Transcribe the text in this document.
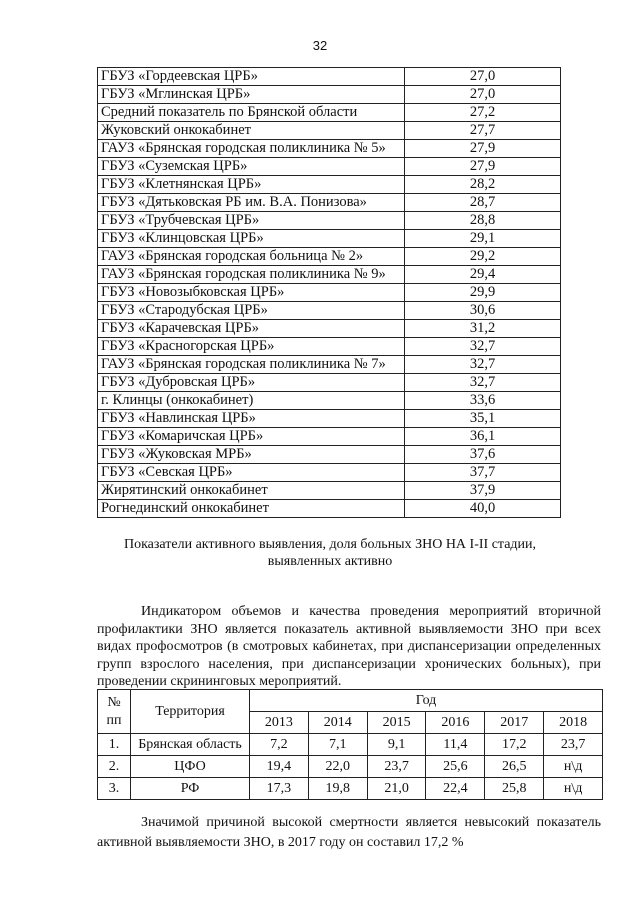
32
ГБУЗ «Гордеевская ЦРБ»	27,0
ГБУЗ «Мглинская ЦРБ»	27,0
Средний показатель по Брянской области	27,2
Жуковский онкокабинет	27,7
ГАУЗ «Брянская городская поликлиника № 5»	27,9
ГБУЗ «Суземская ЦРБ»	27,9
ГБУЗ «Клетнянская ЦРБ»	28,2
ГБУЗ «Дятьковская РБ им. В.А. Понизова»	28,7
ГБУЗ «Трубчевская ЦРБ»	28,8
ГБУЗ «Клинцовская ЦРБ»	29,1
ГАУЗ «Брянская городская больница № 2»	29,2
ГАУЗ «Брянская городская поликлиника № 9»	29,4
ГБУЗ «Новозыбковская ЦРБ»	29,9
ГБУЗ «Стародубская ЦРБ»	30,6
ГБУЗ «Карачевская ЦРБ»	31,2
ГБУЗ «Красногорская ЦРБ»	32,7
ГАУЗ «Брянская городская поликлиника № 7»	32,7
ГБУЗ «Дубровская ЦРБ»	32,7
г. Клинцы (онкокабинет)	33,6
ГБУЗ «Навлинская ЦРБ»	35,1
ГБУЗ «Комаричская ЦРБ»	36,1
ГБУЗ «Жуковская МРБ»	37,6
ГБУЗ «Севская ЦРБ»	37,7
Жирятинский онкокабинет	37,9
Рогнединский онкокабинет	40,0
Показатели активного выявления, доля больных ЗНО НА I-II стадии,
выявленных активно

Индикатором объемов и качества проведения мероприятий вторичной профилактики ЗНО является показатель активной выявляемости ЗНО при всех видах профосмотров (в смотровых кабинетах, при диспансеризации определенных групп взрослого населения, при диспансеризации хронических больных), при проведении скрининговых мероприятий.

№
пп	Территория	Год					
		2013	2014	2015	2016	2017	2018
1.	Брянская область	7,2	7,1	9,1	11,4	17,2	23,7
2.	ЦФО	19,4	22,0	23,7	25,6	26,5	н\д
3.	РФ	17,3	19,8	21,0	22,4	25,8	н\д

Значимой причиной высокой смертности является невысокий показатель активной выявляемости ЗНО, в 2017 году он составил 17,2 %
